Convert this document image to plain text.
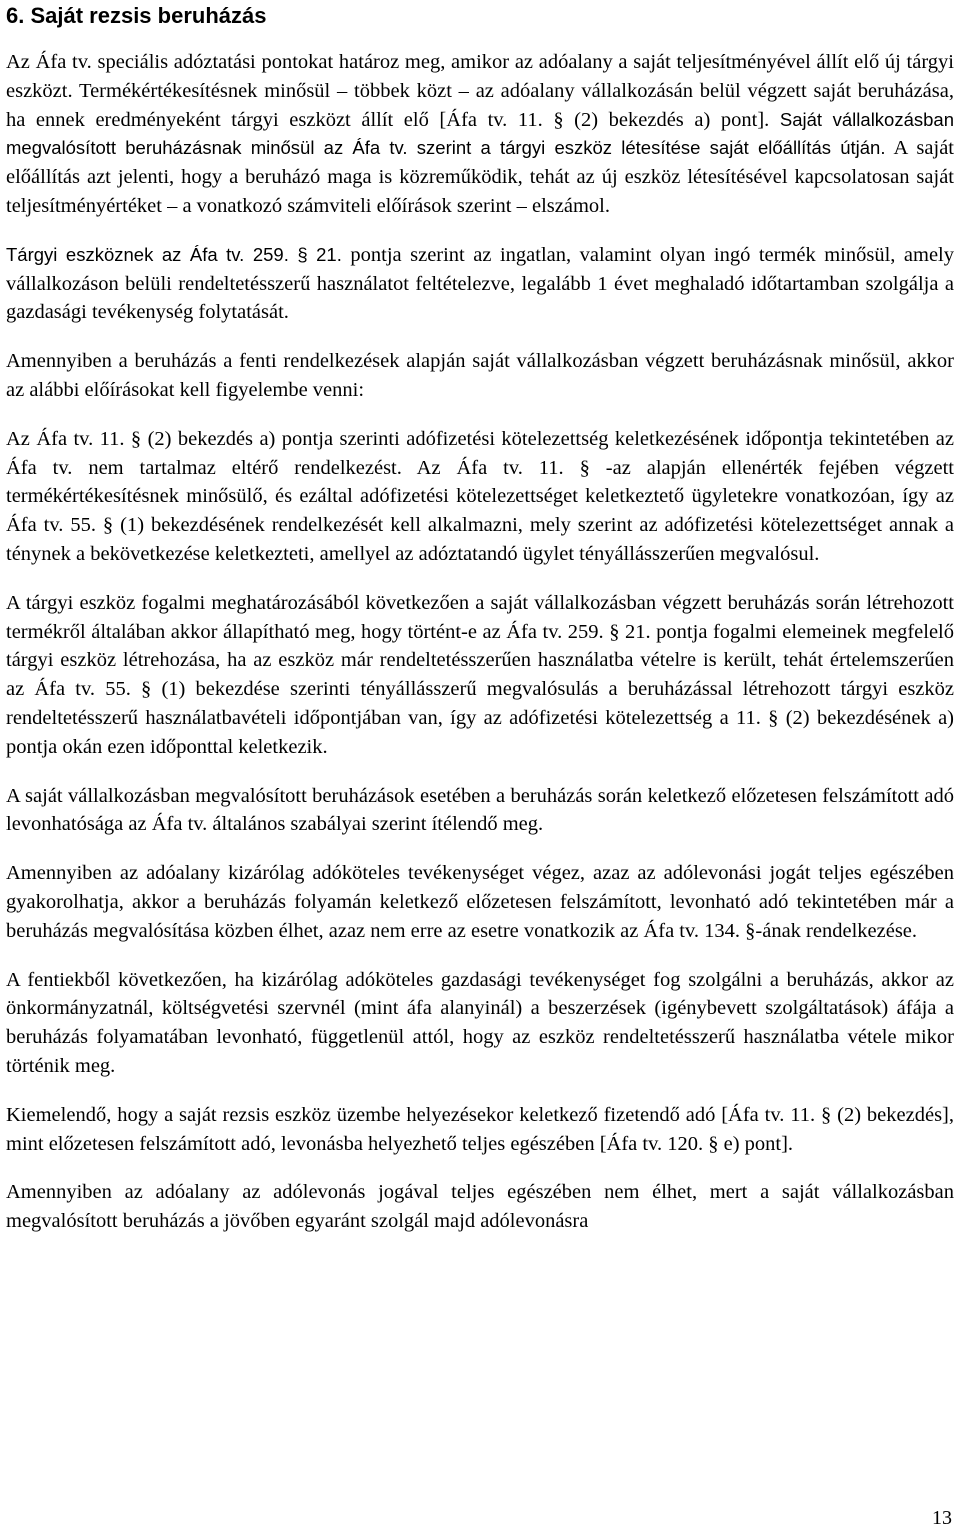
6. Saját rezsis beruházás

Az Áfa tv. speciális adóztatási pontokat határoz meg, amikor az adóalany a saját teljesítményével állít elő új tárgyi eszközt. Termékértékesítésnek minősül – többek közt – az adóalany vállalkozásán belül végzett saját beruházása, ha ennek eredményeként tárgyi eszközt állít elő [Áfa tv. 11. § (2) bekezdés a) pont]. Saját vállalkozásban megvalósított beruházásnak minősül az Áfa tv. szerint a tárgyi eszköz létesítése saját előállítás útján. A saját előállítás azt jelenti, hogy a beruházó maga is közreműködik, tehát az új eszköz létesítésével kapcsolatosan saját teljesítményértéket – a vonatkozó számviteli előírások szerint – elszámol.

Tárgyi eszköznek az Áfa tv. 259. § 21. pontja szerint az ingatlan, valamint olyan ingó termék minősül, amely vállalkozáson belüli rendeltetésszerű használatot feltételezve, legalább 1 évet meghaladó időtartamban szolgálja a gazdasági tevékenység folytatását.

Amennyiben a beruházás a fenti rendelkezések alapján saját vállalkozásban végzett beruházásnak minősül, akkor az alábbi előírásokat kell figyelembe venni:

Az Áfa tv. 11. § (2) bekezdés a) pontja szerinti adófizetési kötelezettség keletkezésének időpontja tekintetében az Áfa tv. nem tartalmaz eltérő rendelkezést. Az Áfa tv. 11. § -az alapján ellenérték fejében végzett termékértékesítésnek minősülő, és ezáltal adófizetési kötelezettséget keletkeztető ügyletekre vonatkozóan, így az Áfa tv. 55. § (1) bekezdésének rendelkezését kell alkalmazni, mely szerint az adófizetési kötelezettséget annak a ténynek a bekövetkezése keletkezteti, amellyel az adóztatandó ügylet tényállásszerűen megvalósul.

A tárgyi eszköz fogalmi meghatározásából következően a saját vállalkozásban végzett beruházás során létrehozott termékről általában akkor állapítható meg, hogy történt-e az Áfa tv. 259. § 21. pontja fogalmi elemeinek megfelelő tárgyi eszköz létrehozása, ha az eszköz már rendeltetésszerűen használatba vételre is került, tehát értelemszerűen az Áfa tv. 55. § (1) bekezdése szerinti tényállásszerű megvalósulás a beruházással létrehozott tárgyi eszköz rendeltetésszerű használatbavételi időpontjában van, így az adófizetési kötelezettség a 11. § (2) bekezdésének a) pontja okán ezen időponttal keletkezik.

A saját vállalkozásban megvalósított beruházások esetében a beruházás során keletkező előzetesen felszámított adó levonhatósága az Áfa tv. általános szabályai szerint ítélendő meg.

Amennyiben az adóalany kizárólag adóköteles tevékenységet végez, azaz az adólevonási jogát teljes egészében gyakorolhatja, akkor a beruházás folyamán keletkező előzetesen felszámított, levonható adó tekintetében már a beruházás megvalósítása közben élhet, azaz nem erre az esetre vonatkozik az Áfa tv. 134. §-ának rendelkezése.

A fentiekből következően, ha kizárólag adóköteles gazdasági tevékenységet fog szolgálni a beruházás, akkor az önkormányzatnál, költségvetési szervnél (mint áfa alanyinál) a beszerzések (igénybevett szolgáltatások) áfája a beruházás folyamatában levonható, függetlenül attól, hogy az eszköz rendeltetésszerű használatba vétele mikor történik meg.

Kiemelendő, hogy a saját rezsis eszköz üzembe helyezésekor keletkező fizetendő adó [Áfa tv. 11. § (2) bekezdés], mint előzetesen felszámított adó, levonásba helyezhető teljes egészében [Áfa tv. 120. § e) pont].

Amennyiben az adóalany az adólevonás jogával teljes egészében nem élhet, mert a saját vállalkozásban megvalósított beruházás a jövőben egyaránt szolgál majd adólevonásra

13
